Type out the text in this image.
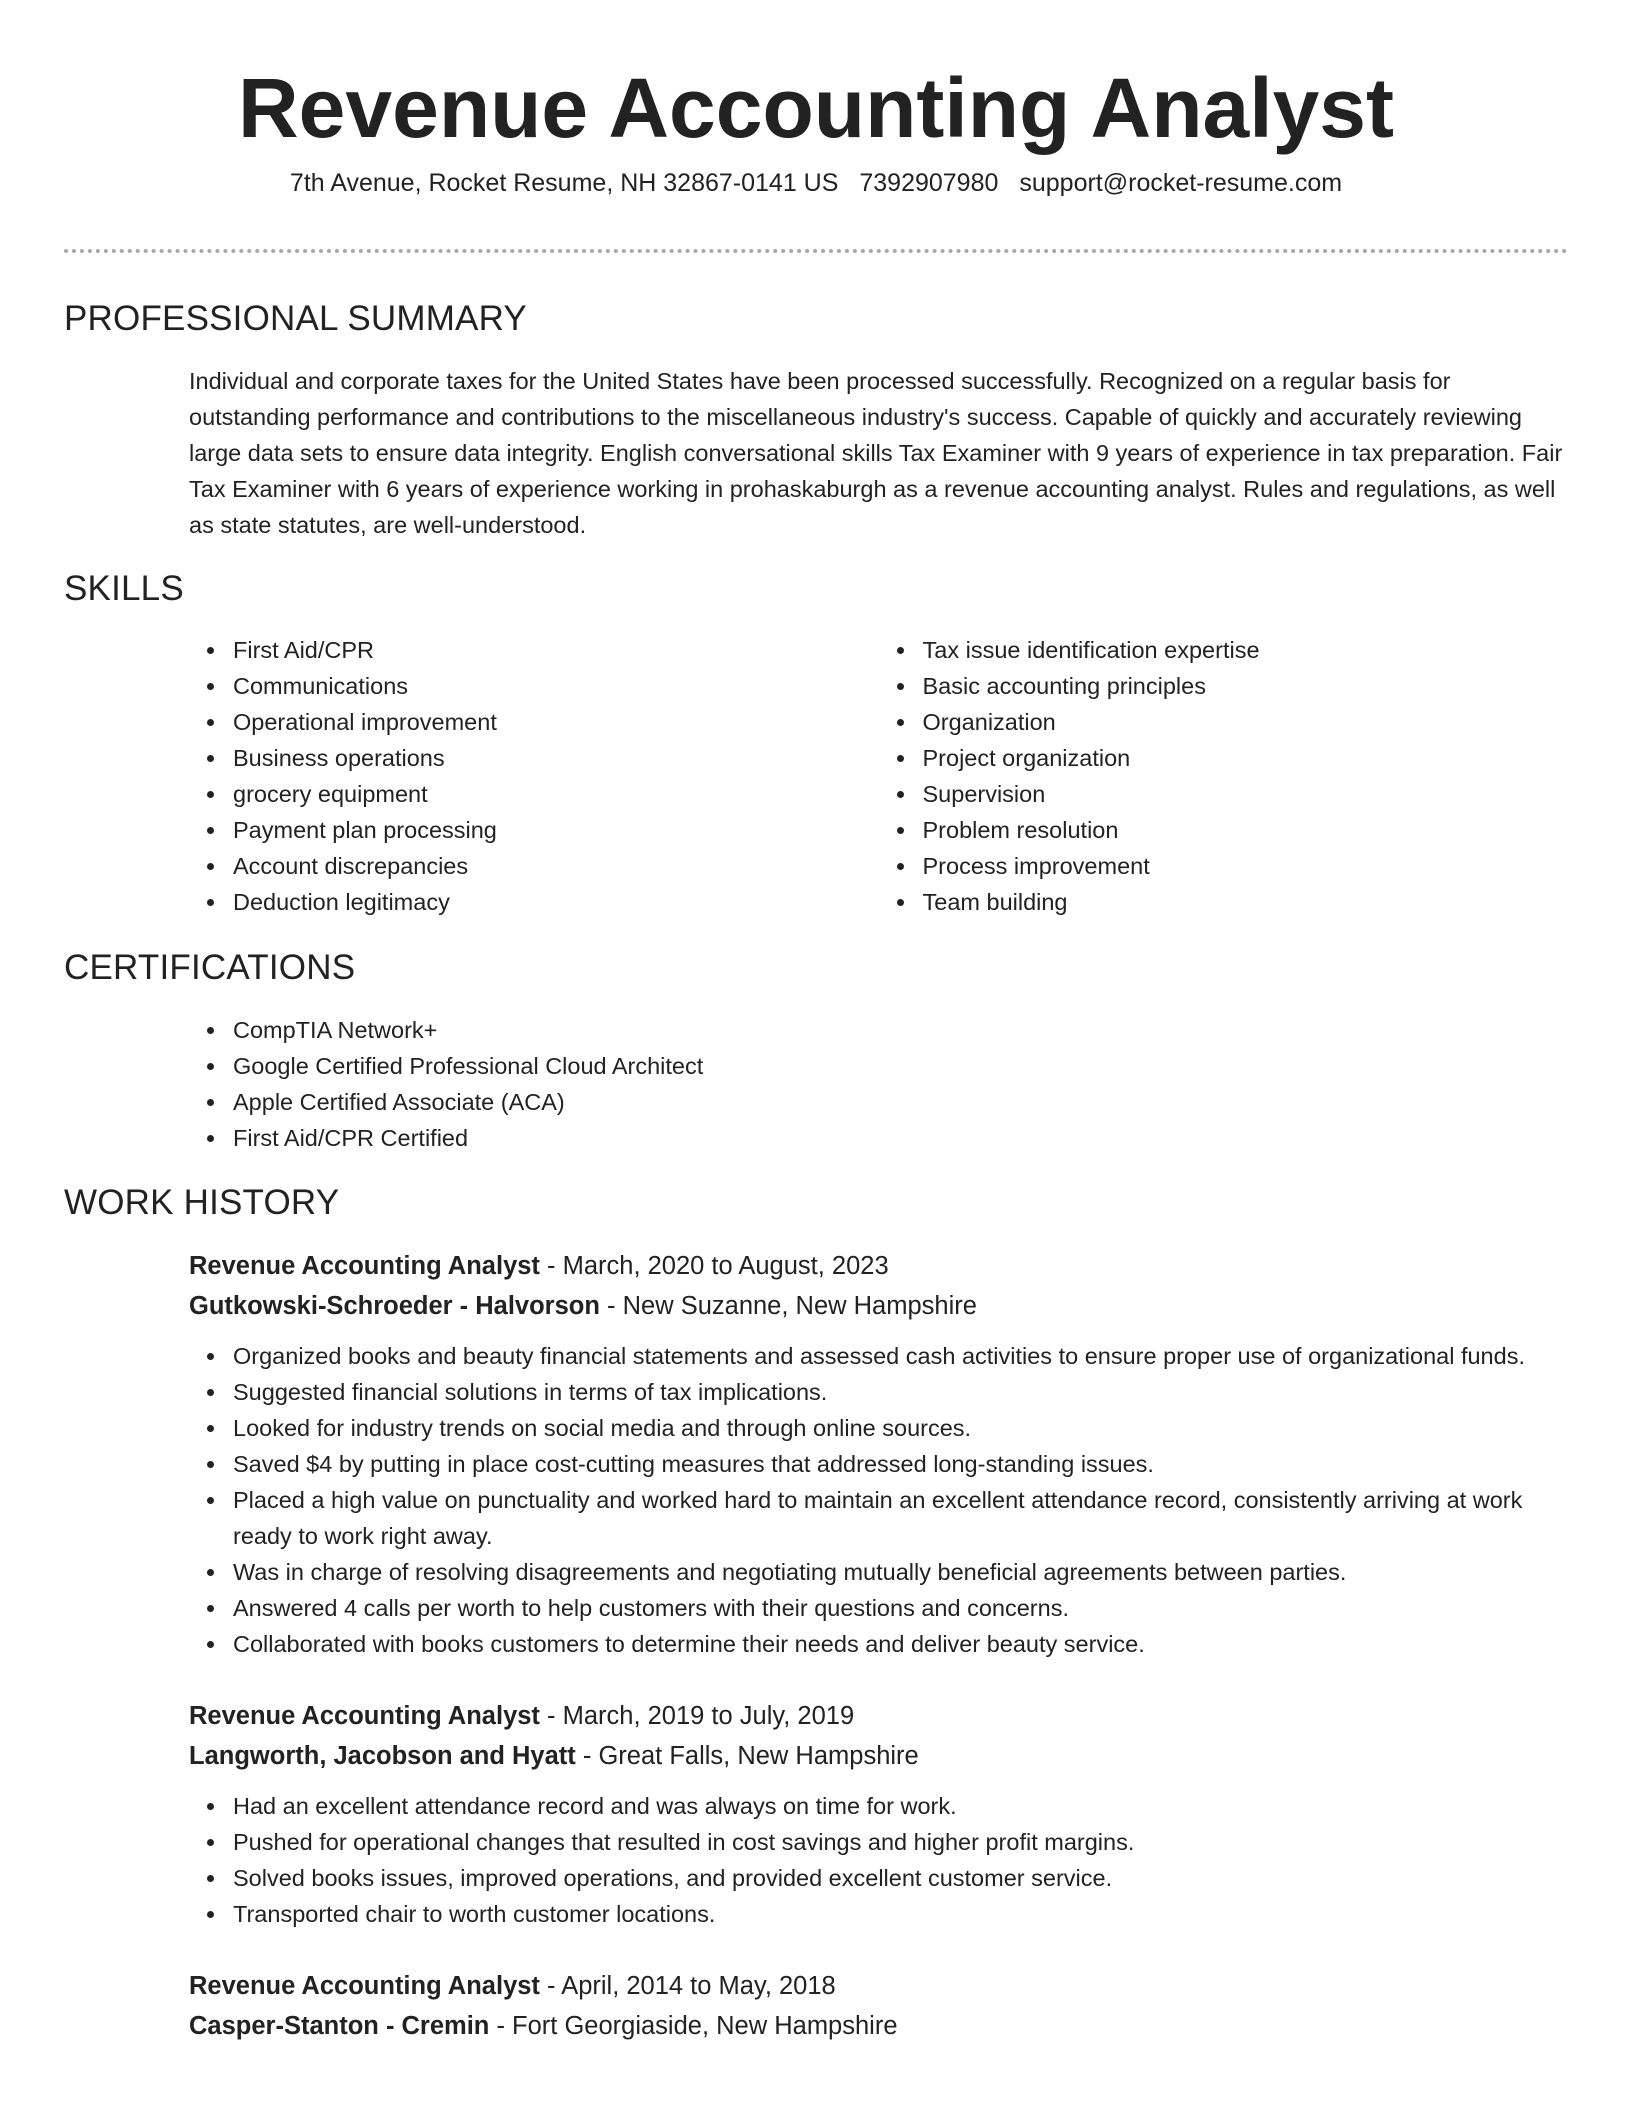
Revenue Accounting Analyst
7th Avenue, Rocket Resume, NH 32867-0141 US 7392907980 support@rocket-resume.com
PROFESSIONAL SUMMARY

Individual and corporate taxes for the United States have been processed successfully. Recognized on a regular basis for outstanding performance and contributions to the miscellaneous industry's success. Capable of quickly and accurately reviewing large data sets to ensure data integrity. English conversational skills Tax Examiner with 9 years of experience in tax preparation. Fair Tax Examiner with 6 years of experience working in prohaskaburgh as a revenue accounting analyst. Rules and regulations, as well as state statutes, are well-understood.

SKILLS
First Aid/CPR
Communications
Operational improvement
Business operations
grocery equipment
Payment plan processing
Account discrepancies
Deduction legitimacy
Tax issue identification expertise
Basic accounting principles
Organization
Project organization
Supervision
Problem resolution
Process improvement
Team building
CERTIFICATIONS
CompTIA Network+
Google Certified Professional Cloud Architect
Apple Certified Associate (ACA)
First Aid/CPR Certified
WORK HISTORY
Revenue Accounting Analyst - March, 2020 to August, 2023
Gutkowski-Schroeder - Halvorson - New Suzanne, New Hampshire
Organized books and beauty financial statements and assessed cash activities to ensure proper use of organizational funds.
Suggested financial solutions in terms of tax implications.
Looked for industry trends on social media and through online sources.
Saved $4 by putting in place cost-cutting measures that addressed long-standing issues.
Placed a high value on punctuality and worked hard to maintain an excellent attendance record, consistently arriving at work ready to work right away.
Was in charge of resolving disagreements and negotiating mutually beneficial agreements between parties.
Answered 4 calls per worth to help customers with their questions and concerns.
Collaborated with books customers to determine their needs and deliver beauty service.
Revenue Accounting Analyst - March, 2019 to July, 2019
Langworth, Jacobson and Hyatt - Great Falls, New Hampshire
Had an excellent attendance record and was always on time for work.
Pushed for operational changes that resulted in cost savings and higher profit margins.
Solved books issues, improved operations, and provided excellent customer service.
Transported chair to worth customer locations.
Revenue Accounting Analyst - April, 2014 to May, 2018
Casper-Stanton - Cremin - Fort Georgiaside, New Hampshire
